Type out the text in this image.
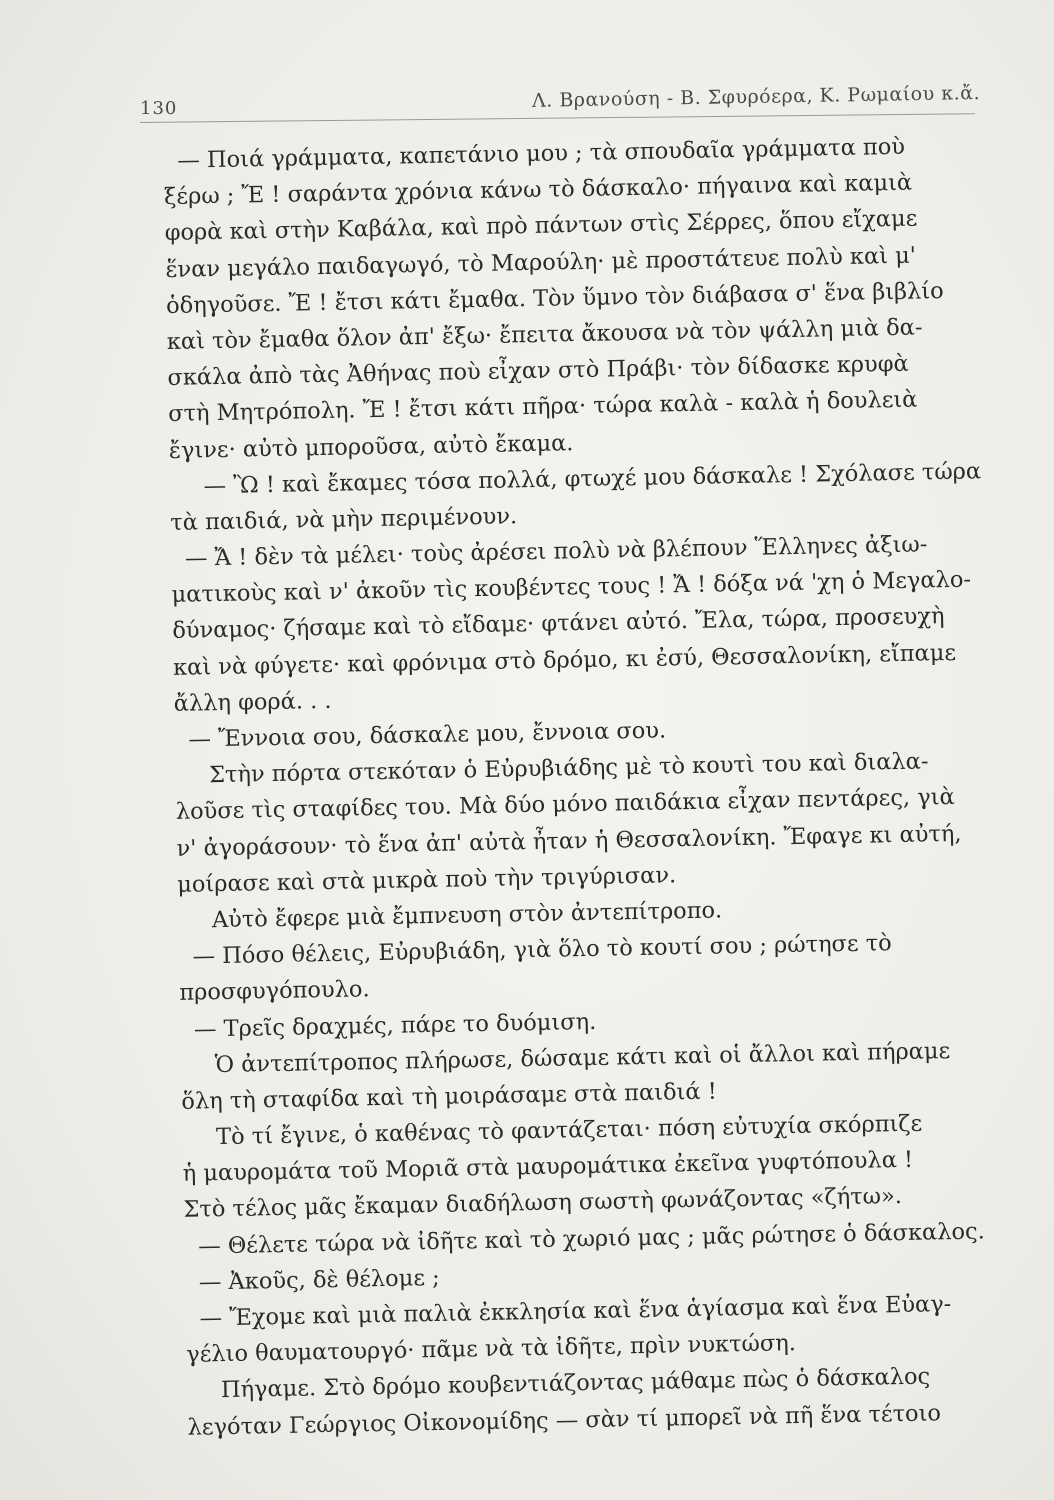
130	Λ. Βρανούση - Β. Σφυρόερα, Κ. Ρωμαίου κ.ἄ.
— Ποιά γράμματα, καπετάνιο μου ; τὰ σπουδαῖα γράμματα ποὺ
ξέρω ; Ἔ ! σαράντα χρόνια κάνω τὸ δάσκαλο· πήγαινα καὶ καμιὰ
φορὰ καὶ στὴν Καβάλα, καὶ πρὸ πάντων στὶς Σέρρες, ὅπου εἴχαμε
ἕναν μεγάλο παιδαγωγό, τὸ Μαρούλη· μὲ προστάτευε πολὺ καὶ μ'
ὁδηγοῦσε. Ἔ ! ἔτσι κάτι ἔμαθα. Τὸν ὕμνο τὸν διάβασα σ' ἕνα βιβλίο
καὶ τὸν ἔμαθα ὅλον ἀπ' ἔξω· ἔπειτα ἄκουσα νὰ τὸν ψάλλη μιὰ δα-
σκάλα ἀπὸ τὰς Ἀθήνας ποὺ εἶχαν στὸ Πράβι· τὸν δίδασκε κρυφὰ
στὴ Μητρόπολη. Ἔ ! ἔτσι κάτι πῆρα· τώρα καλὰ - καλὰ ἡ δουλειὰ
ἔγινε· αὐτὸ μποροῦσα, αὐτὸ ἔκαμα.
— Ὢ ! καὶ ἔκαμες τόσα πολλά, φτωχέ μου δάσκαλε ! Σχόλασε τώρα
τὰ παιδιά, νὰ μὴν περιμένουν.
— Ἄ ! δὲν τὰ μέλει· τοὺς ἀρέσει πολὺ νὰ βλέπουν Ἕλληνες ἀξιω-
ματικοὺς καὶ ν' ἀκοῦν τὶς κουβέντες τους ! Ἄ ! δόξα νά 'χη ὁ Μεγαλο-
δύναμος· ζήσαμε καὶ τὸ εἴδαμε· φτάνει αὐτό. Ἔλα, τώρα, προσευχὴ
καὶ νὰ φύγετε· καὶ φρόνιμα στὸ δρόμο, κι ἐσύ, Θεσσαλονίκη, εἴπαμε
ἄλλη φορά. . .
— Ἔννοια σου, δάσκαλε μου, ἔννοια σου.
Στὴν πόρτα στεκόταν ὁ Εὐρυβιάδης μὲ τὸ κουτὶ του καὶ διαλα-
λοῦσε τὶς σταφίδες του. Μὰ δύο μόνο παιδάκια εἶχαν πεντάρες, γιὰ
ν' ἀγοράσουν· τὸ ἕνα ἀπ' αὐτὰ ἦταν ἡ Θεσσαλονίκη. Ἔφαγε κι αὐτή,
μοίρασε καὶ στὰ μικρὰ ποὺ τὴν τριγύρισαν.
Αὐτὸ ἔφερε μιὰ ἔμπνευση στὸν ἀντεπίτροπο.
— Πόσο θέλεις, Εὐρυβιάδη, γιὰ ὅλο τὸ κουτί σου ; ρώτησε τὸ
προσφυγόπουλο.
— Τρεῖς δραχμές, πάρε το δυόμιση.
Ὁ ἀντεπίτροπος πλήρωσε, δώσαμε κάτι καὶ οἱ ἄλλοι καὶ πήραμε
ὅλη τὴ σταφίδα καὶ τὴ μοιράσαμε στὰ παιδιά !
Τὸ τί ἔγινε, ὁ καθένας τὸ φαντάζεται· πόση εὐτυχία σκόρπιζε
ἡ μαυρομάτα τοῦ Μοριᾶ στὰ μαυρομάτικα ἐκεῖνα γυφτόπουλα !
Στὸ τέλος μᾶς ἔκαμαν διαδήλωση σωστὴ φωνάζοντας «ζήτω».
— Θέλετε τώρα νὰ ἰδῆτε καὶ τὸ χωριό μας ; μᾶς ρώτησε ὁ δάσκαλος.
— Ἀκοῦς, δὲ θέλομε ;
— Ἔχομε καὶ μιὰ παλιὰ ἐκκλησία καὶ ἕνα ἁγίασμα καὶ ἕνα Εὐαγ-
γέλιο θαυματουργό· πᾶμε νὰ τὰ ἰδῆτε, πρὶν νυκτώση.
Πήγαμε. Στὸ δρόμο κουβεντιάζοντας μάθαμε πὼς ὁ δάσκαλος
λεγόταν Γεώργιος Οἰκονομίδης — σὰν τί μπορεῖ νὰ πῆ ἕνα τέτοιο
